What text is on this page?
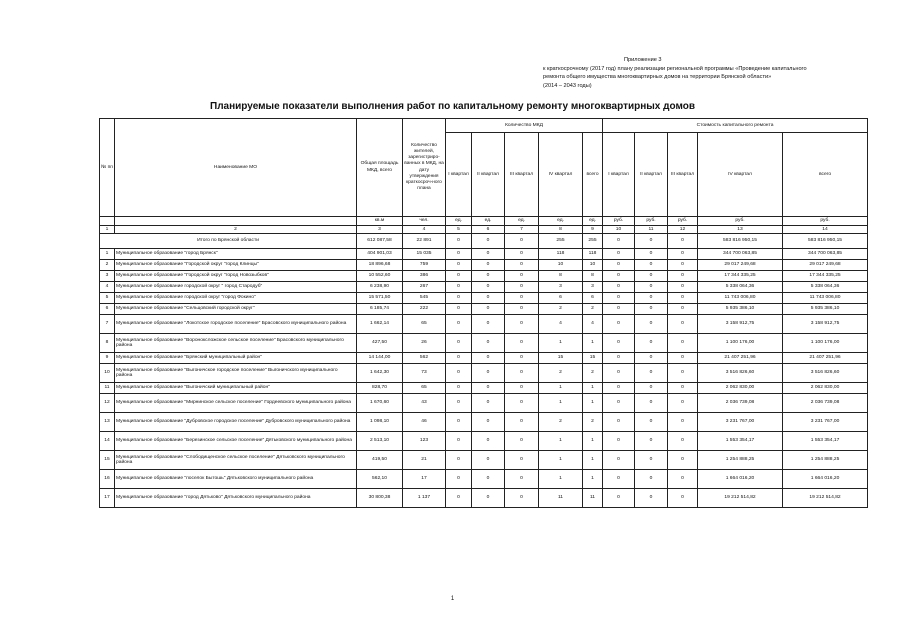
Приложение 3
к краткосрочному (2017 год) плану реализации региональной программы «Проведение капитального
ремонта общего имущества многоквартирных домов на территории Брянской области»
(2014 – 2043 годы)
Планируемые показатели выполнения работ по капитальному ремонту многоквартирных домов
№ пп	Наименование МО	Общая площадь МКД, всего	Количество жителей, зарегистриро-ванных в МКД, на дату утверждения краткосроч-ного плана	Количество МКД					Стоимость капитального ремонта				
				I квартал	II квартал	III квартал	IV квартал	всего	I квартал	II квартал	III квартал	IV квартал	всего
		кв.м	чел.	ед.	ед.	ед.	ед.	ед.	руб.	руб.	руб.	руб.	руб.
1	2	3	4	5	6	7	8	9	10	11	12	13	14
Итого по Брянской области		612 087,58	22 891	0	0	0	255	255	0	0	0	583 816 950,15	583 816 950,15
1	Муниципальное образование "город Брянск"	404 901,03	15 035	0	0	0	118	118	0	0	0	344 700 063,85	344 700 063,85
2	Муниципальное образование "Городской округ "город Клинцы"	18 896,68	759	0	0	0	10	10	0	0	0	29 017 249,68	29 017 249,68
3	Муниципальное образование "Городской округ "город Новозыбков"	10 552,60	386	0	0	0	8	8	0	0	0	17 344 335,25	17 344 335,25
4	Муниципальное образование городской округ " город Стародуб"	6 238,90	267	0	0	0	3	3	0	0	0	5 338 064,36	5 338 064,36
5	Муниципальное образование городской округ "город Фокино"	15 571,50	545	0	0	0	6	6	0	0	0	11 743 006,80	11 743 006,80
6	Муниципальное образование "Сельцовский городской округ"	6 185,74	222	0	0	0	2	2	0	0	0	5 935 386,10	5 935 386,10
7	Муниципальное образование "Локотское городское поселение" Брасовского муниципального района	1 662,14	65	0	0	0	4	4	0	0	0	3 158 912,75	3 158 912,75
8	Муниципальное образование "Вороноксложское сельское поселение" Брасовского муниципального района	427,50	26	0	0	0	1	1	0	0	0	1 100 176,00	1 100 176,00
9	Муниципальное образование "Брянский муниципальный район"	14 144,00	562	0	0	0	15	15	0	0	0	21 407 251,96	21 407 251,96
10	Муниципальное образование "Выгоничское городское поселение" Выгоничского муниципального района	1 642,30	73	0	0	0	2	2	0	0	0	3 516 826,60	3 516 826,60
11	Муниципальное образование "Выгоничский муниципальный район"	828,70	65	0	0	0	1	1	0	0	0	2 062 830,00	2 062 830,00
12	Муниципальное образование "Мирнинское сельское поселение" Гордеевского муниципального района	1 670,60	43	0	0	0	1	1	0	0	0	2 036 739,08	2 036 739,08
13	Муниципальное образование "Дубровское городское поселение" Дубровского муниципального района	1 098,10	46	0	0	0	2	2	0	0	0	3 231 767,00	3 231 767,00
14	Муниципальное образование "Березинское сельское поселение" Дятьковского муниципального района	2 513,10	123	0	0	0	1	1	0	0	0	1 553 354,17	1 553 354,17
15	Муниципальное образование "Слободищенское сельское поселение" Дятьковского муниципального района	419,50	21	0	0	0	1	1	0	0	0	1 254 888,25	1 254 888,25
16	Муниципальное образование "поселок Бытошь" Дятьковского муниципального района	562,10	17	0	0	0	1	1	0	0	0	1 664 016,20	1 664 016,20
17	Муниципальное образование "город Дятьково" Дятьковского муниципального района	30 800,38	1 137	0	0	0	11	11	0	0	0	19 212 514,82	19 212 514,82
1
